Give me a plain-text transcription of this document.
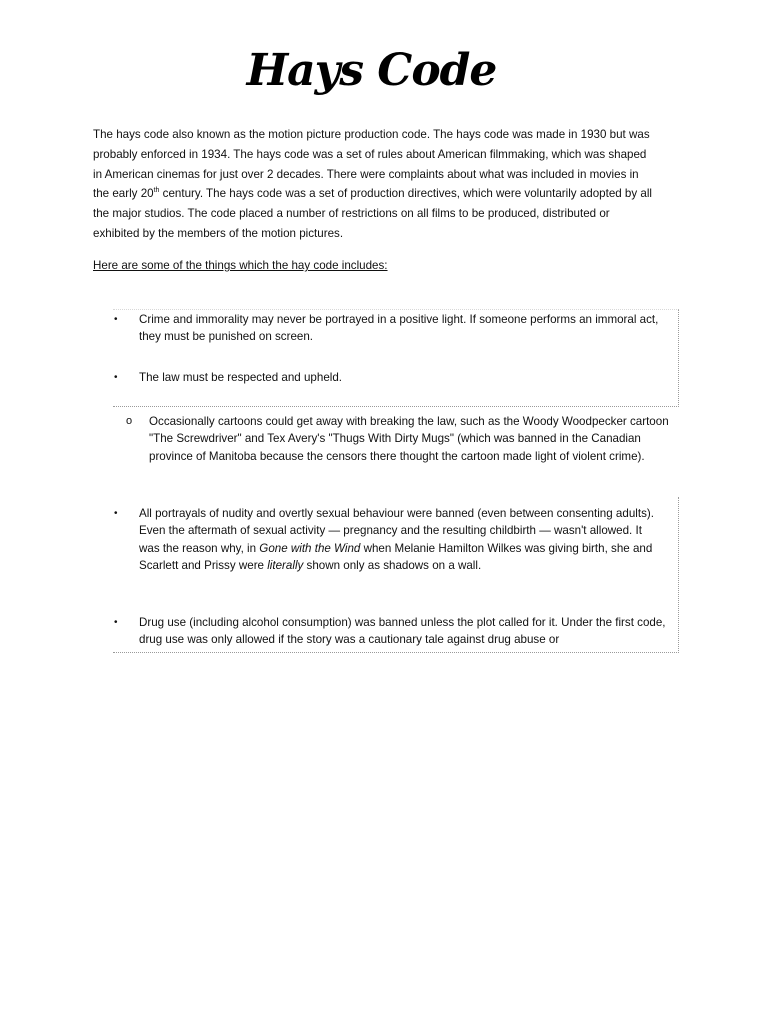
Hays Code
The hays code also known as the motion picture production code. The hays code was made in 1930 but was probably enforced in 1934. The hays code was a set of rules about American filmmaking, which was shaped in American cinemas for just over 2 decades. There were complaints about what was included in movies in the early 20th century. The hays code was a set of production directives, which were voluntarily adopted by all the major studios. The code placed a number of restrictions on all films to be produced, distributed or exhibited by the members of the motion pictures.
Here are some of the things which the hay code includes:
• Crime and immorality may never be portrayed in a positive light. If someone performs an immoral act, they must be punished on screen.
• The law must be respected and upheld.
o Occasionally cartoons could get away with breaking the law, such as the Woody Woodpecker cartoon "The Screwdriver" and Tex Avery's "Thugs With Dirty Mugs" (which was banned in the Canadian province of Manitoba because the censors there thought the cartoon made light of violent crime).
• All portrayals of nudity and overtly sexual behaviour were banned (even between consenting adults). Even the aftermath of sexual activity — pregnancy and the resulting childbirth — wasn't allowed. It was the reason why, in Gone with the Wind when Melanie Hamilton Wilkes was giving birth, she and Scarlett and Prissy were literally shown only as shadows on a wall.
• Drug use (including alcohol consumption) was banned unless the plot called for it. Under the first code, drug use was only allowed if the story was a cautionary tale against drug abuse or
